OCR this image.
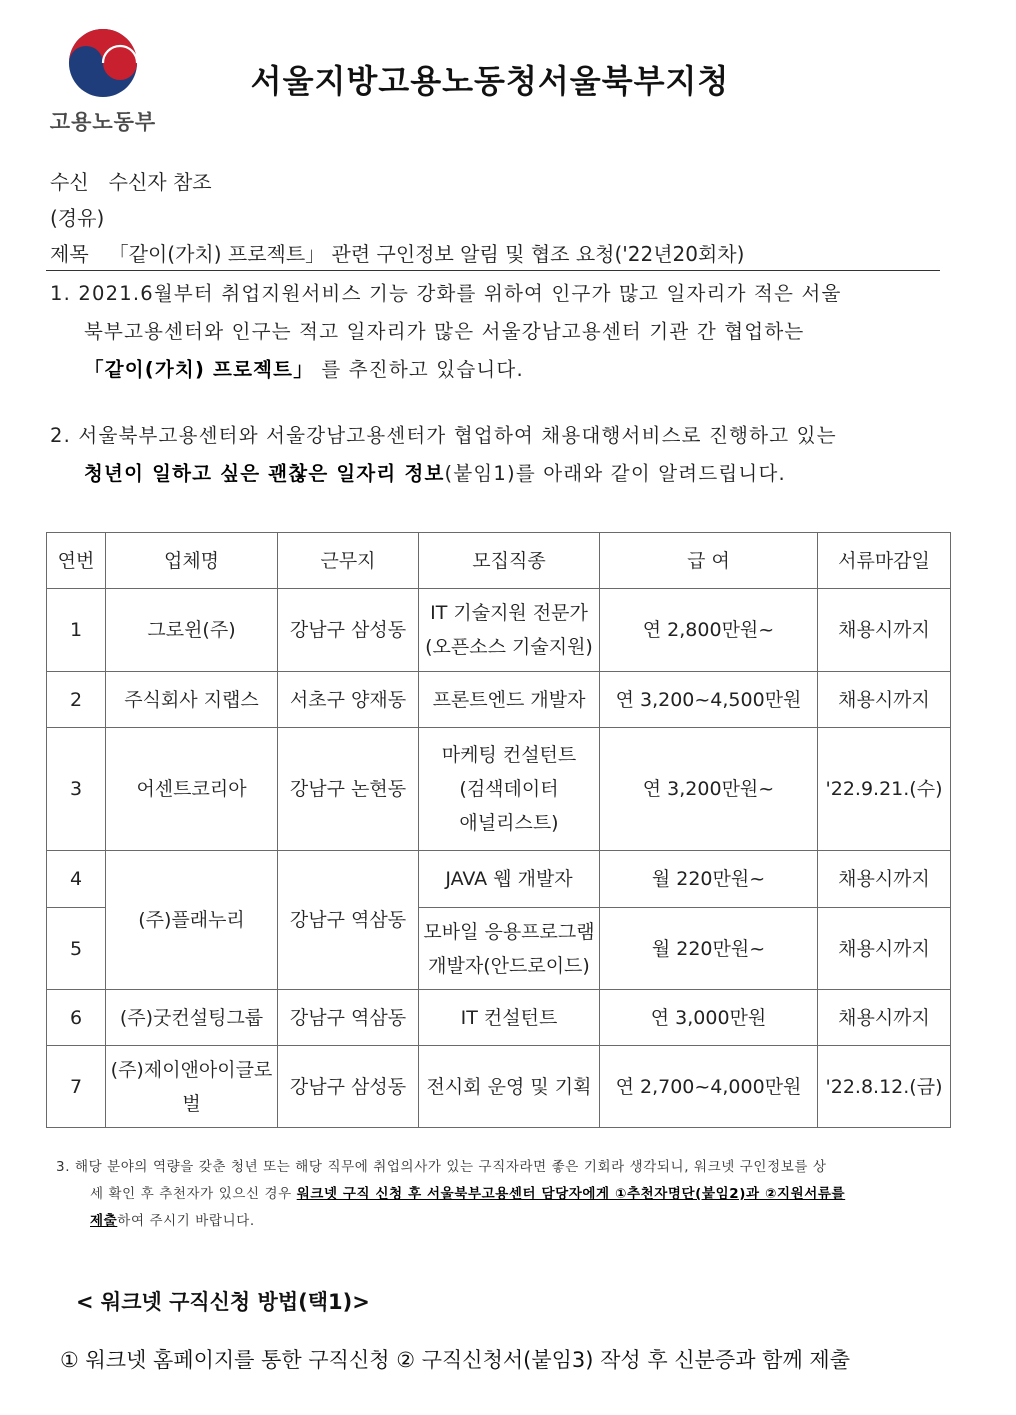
고용노동부
서울지방고용노동청서울북부지청
수신 수신자 참조
(경유)
제목 「같이(가치) 프로젝트」 관련 구인정보 알림 및 협조 요청('22년20회차)
1. 2021.6월부터 취업지원서비스 기능 강화를 위하여 인구가 많고 일자리가 적은 서울
북부고용센터와 인구는 적고 일자리가 많은 서울강남고용센터 기관 간 협업하는
「같이(가치) 프로젝트」 를 추진하고 있습니다.
2. 서울북부고용센터와 서울강남고용센터가 협업하여 채용대행서비스로 진행하고 있는
청년이 일하고 싶은 괜찮은 일자리 정보(붙임1)를 아래와 같이 알려드립니다.
연번	업체명	근무지	모집직종	급 여	서류마감일
1	그로윈(주)	강남구 삼성동	IT 기술지원 전문가
(오픈소스 기술지원)	연 2,800만원~	채용시까지
2	주식회사 지랩스	서초구 양재동	프론트엔드 개발자	연 3,200~4,500만원	채용시까지
3	어센트코리아	강남구 논현동	마케팅 컨설턴트
(검색데이터
애널리스트)	연 3,200만원~	'22.9.21.(수)
4	(주)플래누리	강남구 역삼동	JAVA 웹 개발자	월 220만원~	채용시까지
5			모바일 응용프로그램
개발자(안드로이드)	월 220만원~	채용시까지
6	(주)굿컨설팅그룹	강남구 역삼동	IT 컨설턴트	연 3,000만원	채용시까지
7	(주)제이앤아이글로
벌	강남구 삼성동	전시회 운영 및 기획	연 2,700~4,000만원	'22.8.12.(금)
3. 해당 분야의 역량을 갖춘 청년 또는 해당 직무에 취업의사가 있는 구직자라면 좋은 기회라 생각되니, 워크넷 구인정보를 상
세 확인 후 추천자가 있으신 경우 워크넷 구직 신청 후 서울북부고용센터 담당자에게 ①추천자명단(붙임2)과 ②지원서류를
제출하여 주시기 바랍니다.
< 워크넷 구직신청 방법(택1)>
① 워크넷 홈페이지를 통한 구직신청 ② 구직신청서(붙임3) 작성 후 신분증과 함께 제출
